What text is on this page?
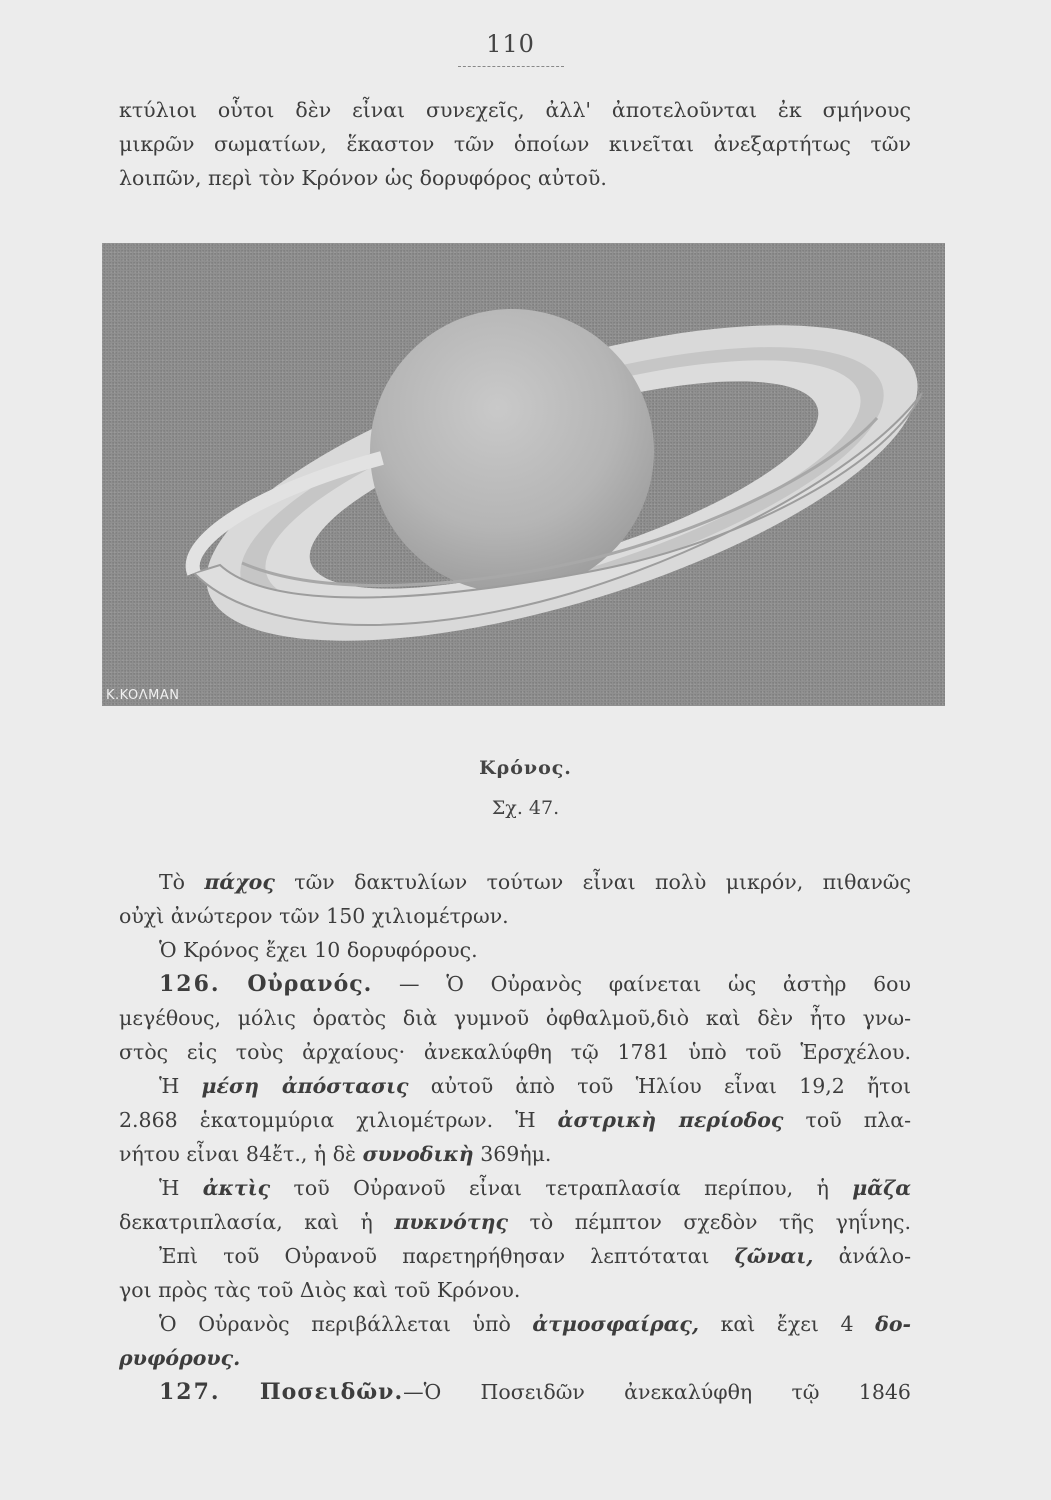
110
κτύλιοι οὗτοι δὲν εἶναι συνεχεῖς, ἀλλ' ἀποτελοῦνται ἐκ σμήνους
μικρῶν σωματίων, ἕκαστον τῶν ὁποίων κινεῖται ἀνεξαρτήτως τῶν
λοιπῶν, περὶ τὸν Κρόνον ὡς δορυφόρος αὐτοῦ.
K.KOΛMAN
Κρόνος.
Σχ. 47.
Τὸ πάχος τῶν δακτυλίων τούτων εἶναι πολὺ μικρόν, πιθανῶς
οὐχὶ ἀνώτερον τῶν 150 χιλιομέτρων.
Ὁ Κρόνος ἔχει 10 δορυφόρους.
126. Οὐρανός. — Ὁ Οὐρανὸς φαίνεται ὡς ἀστὴρ 6ου
μεγέθους, μόλις ὁρατὸς διὰ γυμνοῦ ὀφθαλμοῦ,διὸ καὶ δὲν ἦτο γνω-
στὸς εἰς τοὺς ἀρχαίους· ἀνεκαλύφθη τῷ 1781 ὑπὸ τοῦ Ἑρσχέλου.
Ἡ μέση ἀπόστασις αὐτοῦ ἀπὸ τοῦ Ἡλίου εἶναι 19,2 ἤτοι
2.868 ἑκατομμύρια χιλιομέτρων. Ἡ ἀστρικὴ περίοδος τοῦ πλα-
νήτου εἶναι 84ἔτ., ἡ δὲ συνοδικὴ 369ἡμ.
Ἡ ἀκτὶς τοῦ Οὐρανοῦ εἶναι τετραπλασία περίπου, ἡ μᾶζα
δεκατριπλασία, καὶ ἡ πυκνότης τὸ πέμπτον σχεδὸν τῆς γηΐνης.
Ἐπὶ τοῦ Οὐρανοῦ παρετηρήθησαν λεπτόταται ζῶναι, ἀνάλο-
γοι πρὸς τὰς τοῦ Διὸς καὶ τοῦ Κρόνου.
Ὁ Οὐρανὸς περιβάλλεται ὑπὸ ἀτμοσφαίρας, καὶ ἔχει 4 δο-
ρυφόρους.
127. Ποσειδῶν.—Ὁ Ποσειδῶν ἀνεκαλύφθη τῷ 1846
